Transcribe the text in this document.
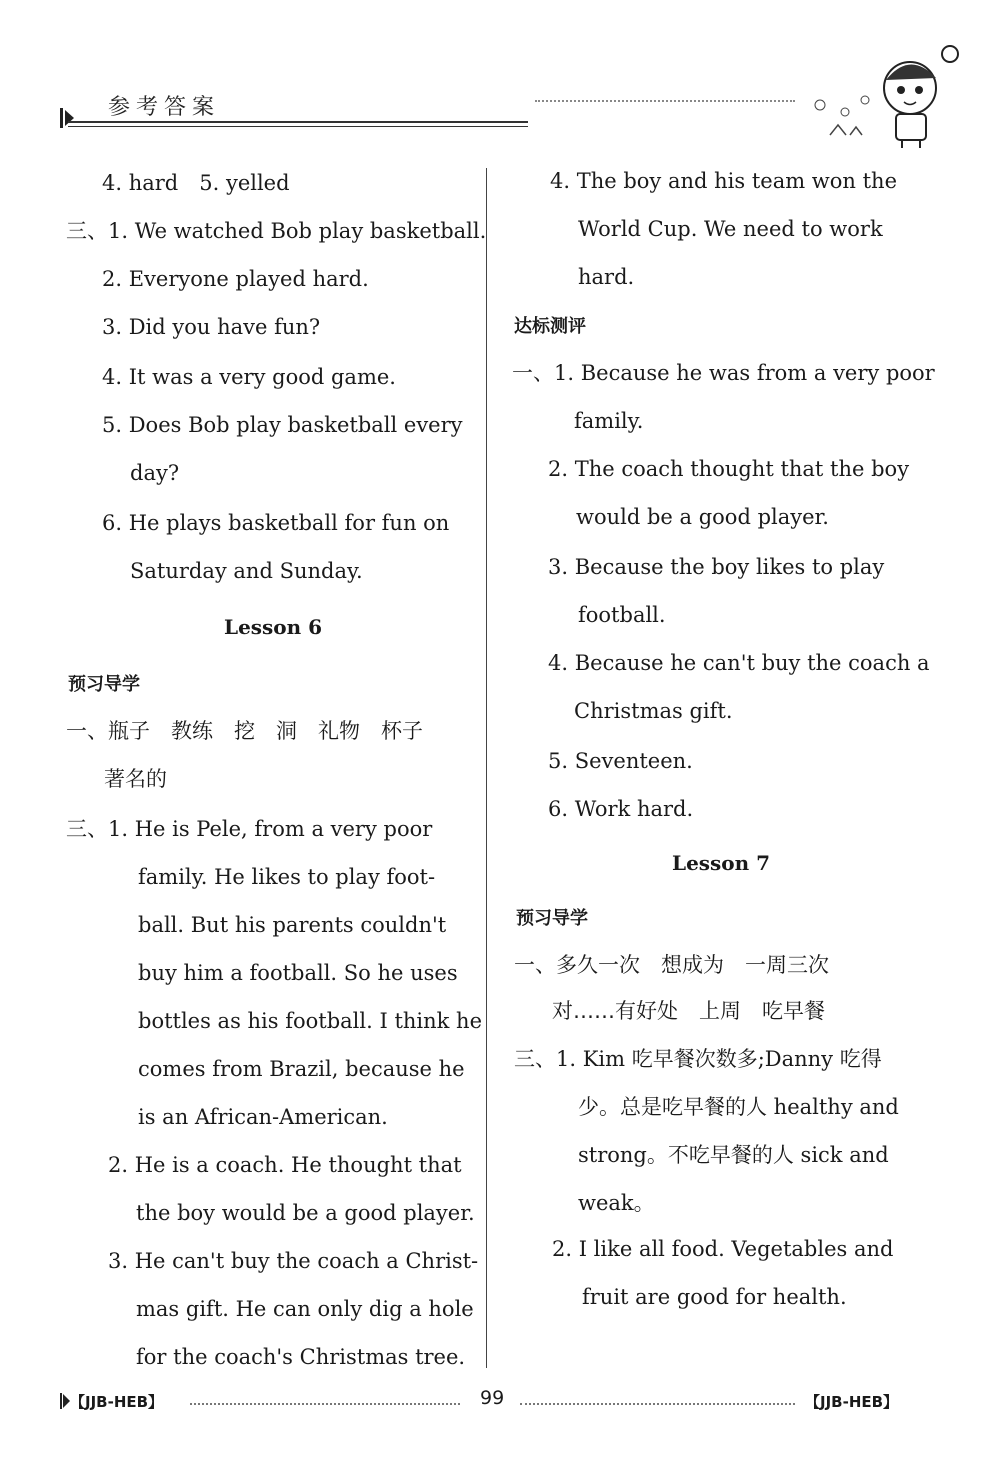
参考答案
4. hard　5. yelled
三、1. We watched Bob play basketball.
2. Everyone played hard.
3. Did you have fun?
4. It was a very good game.
5. Does Bob play basketball every
day?
6. He plays basketball for fun on
Saturday and Sunday.
Lesson 6
预习导学
一、瓶子　教练　挖　洞　礼物　杯子
著名的
三、1. He is Pele, from a very poor
family. He likes to play foot-
ball. But his parents couldn't
buy him a football. So he uses
bottles as his football. I think he
comes from Brazil, because he
is an African-American.
2. He is a coach. He thought that
the boy would be a good player.
3. He can't buy the coach a Christ-
mas gift. He can only dig a hole
for the coach's Christmas tree.
4. The boy and his team won the
World Cup. We need to work
hard.
达标测评
一、1. Because he was from a very poor
family.
2. The coach thought that the boy
would be a good player.
3. Because the boy likes to play
football.
4. Because he can't buy the coach a
Christmas gift.
5. Seventeen.
6. Work hard.
Lesson 7
预习导学
一、多久一次　想成为　一周三次
对……有好处　上周　吃早餐
三、1. Kim 吃早餐次数多;Danny 吃得
少。总是吃早餐的人 healthy and
strong。不吃早餐的人 sick and
weak。
2. I like all food. Vegetables and
fruit are good for health.
【JJB-HEB】	99	【JJB-HEB】
